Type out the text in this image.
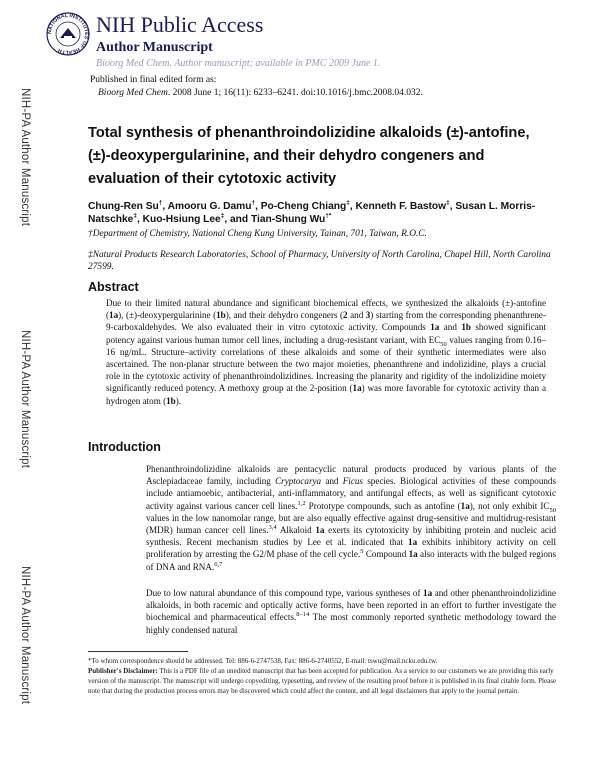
NIH-PA Author Manuscript
NIH-PA Author Manuscript
NIH-PA Author Manuscript
NATIONAL INSTITUTES OF HEALTH
NIH Public Access
Author Manuscript
Bioorg Med Chem. Author manuscript; available in PMC 2009 June 1.
Published in final edited form as:
Bioorg Med Chem. 2008 June 1; 16(11): 6233–6241. doi:10.1016/j.bmc.2008.04.032.
Total synthesis of phenanthroindolizidine alkaloids (±)-antofine, (±)-deoxypergularinine, and their dehydro congeners and evaluation of their cytotoxic activity
Chung-Ren Su†, Amooru G. Damu†, Po-Cheng Chiang‡, Kenneth F. Bastow‡, Susan L. Morris-Natschke‡, Kuo-Hsiung Lee‡, and Tian-Shung Wu†*
†Department of Chemistry, National Cheng Kung University, Tainan, 701, Taiwan, R.O.C.
‡Natural Products Research Laboratories, School of Pharmacy, University of North Carolina, Chapel Hill, North Carolina 27599.
Abstract
Due to their limited natural abundance and significant biochemical effects, we synthesized the alkaloids (±)-antofine (1a), (±)-deoxypergularinine (1b), and their dehydro congeners (2 and 3) starting from the corresponding phenanthrene-9-carboxaldehydes. We also evaluated their in vitro cytotoxic activity. Compounds 1a and 1b showed significant potency against various human tumor cell lines, including a drug-resistant variant, with $EC_{50}$ values ranging from 0.16–16 ng/mL. Structure–activity correlations of these alkaloids and some of their synthetic intermediates were also ascertained. The non-planar structure between the two major moieties, phenanthrene and indolizidine, plays a crucial role in the cytotoxic activity of phenanthroindolizidines. Increasing the planarity and rigidity of the indolizidine moiety significantly reduced potency. A methoxy group at the 2-position (1a) was more favorable for cytotoxic activity than a hydrogen atom (1b).
Introduction
Phenanthroindolizidine alkaloids are pentacyclic natural products produced by various plants of the Asclepiadaceae family, including Cryptocarya and Ficus species. Biological activities of these compounds include antiamoebic, antibacterial, anti-inflammatory, and antifungal effects, as well as significant cytotoxic activity against various cancer cell lines.$^{1,2}$ Prototype compounds, such as antofine (1a), not only exhibit $IC_{50}$ values in the low nanomolar range, but are also equally effective against drug-sensitive and multidrug-resistant (MDR) human cancer cell lines.$^{3,4}$ Alkaloid 1a exerts its cytotoxicity by inhibiting protein and nucleic acid synthesis. Recent mechanism studies by Lee et al. indicated that 1a exhibits inhibitory activity on cell proliferation by arresting the G2/M phase of the cell cycle.$^5$ Compound 1a also interacts with the bulged regions of DNA and RNA.$^{6,7}$
Due to low natural abundance of this compound type, various syntheses of 1a and other phenanthroindolizidine alkaloids, in both racemic and optically active forms, have been reported in an effort to further investigate the biochemical and pharmaceutical effects.$^{8-14}$ The most commonly reported synthetic methodology toward the highly condensed natural
*To whom correspondence should be addressed. Tel: 886-6-2747538, Fax: 886-6-2740552, E-mail: tswu@mail.ncku.edu.tw.
Publisher's Disclaimer: This is a PDF file of an unedited manuscript that has been accepted for publication. As a service to our customers we are providing this early version of the manuscript. The manuscript will undergo copyediting, typesetting, and review of the resulting proof before it is published in its final citable form. Please note that during the production process errors may be discovered which could affect the content, and all legal disclaimers that apply to the journal pertain.
